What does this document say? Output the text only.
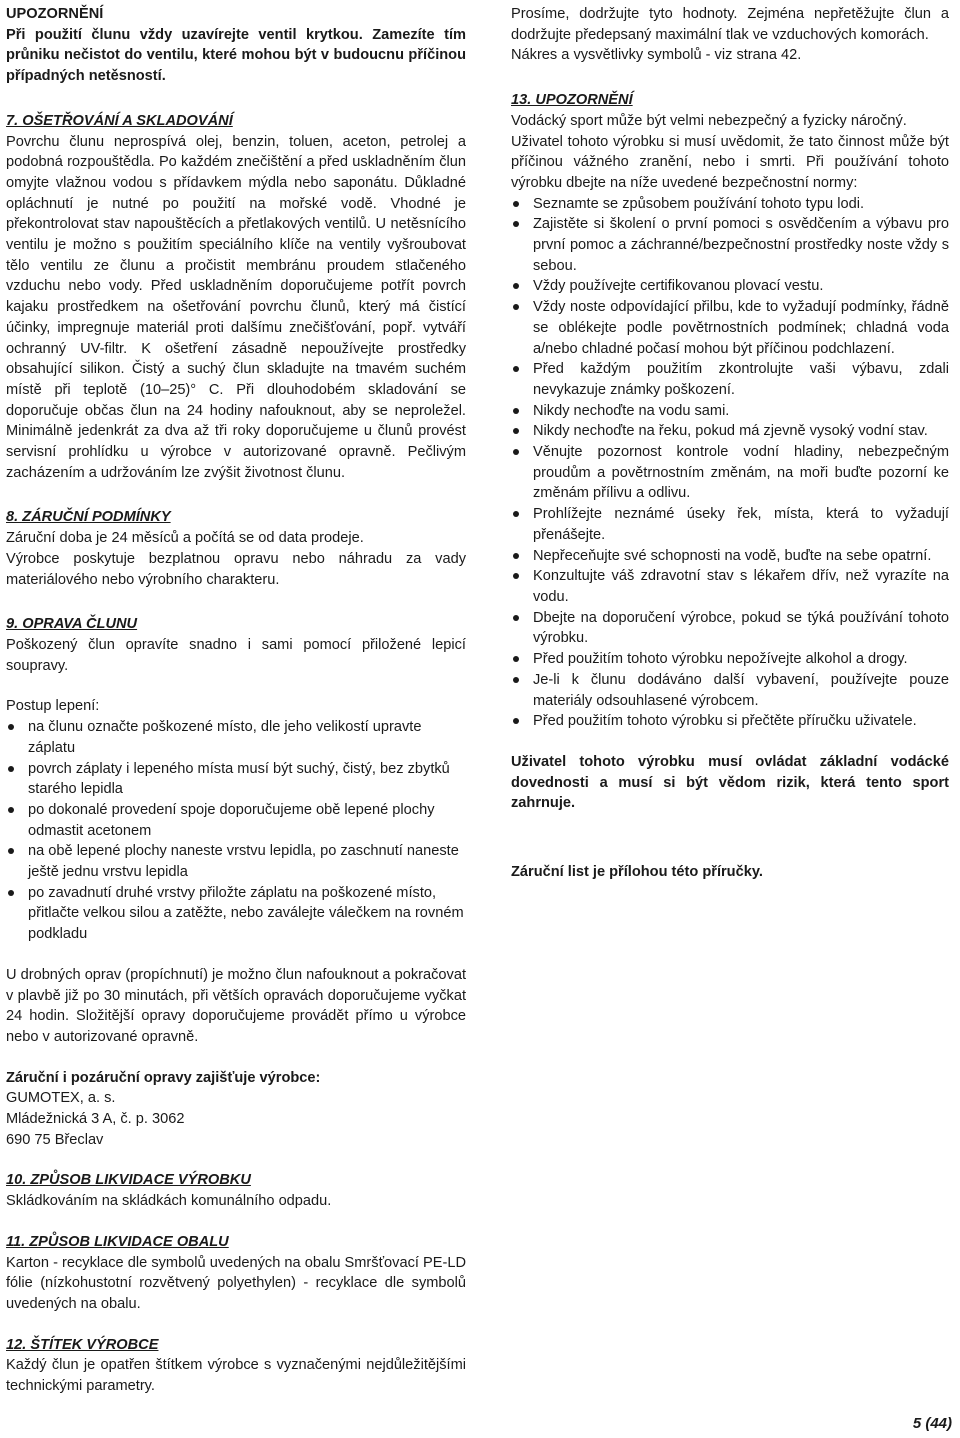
UPOZORNĚNÍ

Při použití člunu vždy uzavírejte ventil krytkou. Zamezíte tím průniku nečistot do ventilu, které mohou být v budoucnu příčinou případných netěsností.

7. OŠETŘOVÁNÍ A SKLADOVÁNÍ

Povrchu člunu neprospívá olej, benzin, toluen, aceton, petrolej a podobná rozpouštědla. Po každém znečištění a před uskladněním člun omyjte vlažnou vodou s přídavkem mýdla nebo saponátu. Důkladné opláchnutí je nutné po použití na mořské vodě. Vhodné je překontrolovat stav napouštěcích a přetlakových ventilů. U netěsnícího ventilu je možno s použitím speciálního klíče na ventily vyšroubovat tělo ventilu ze člunu a pročistit membránu proudem stlačeného vzduchu nebo vody. Před uskladněním doporučujeme potřít povrch kajaku prostředkem na ošetřování povrchu člunů, který má čistící účinky, impregnuje materiál proti dalšímu znečišťování, popř. vytváří ochranný UV-filtr. K ošetření zásadně nepoužívejte prostředky obsahující silikon. Čistý a suchý člun skladujte na tmavém suchém místě při teplotě (10–25)° C. Při dlouhodobém skladování se doporučuje občas člun na 24 hodiny nafouknout, aby se neproležel. Minimálně jedenkrát za dva až tři roky doporučujeme u člunů provést servisní prohlídku u výrobce v autorizované opravně. Pečlivým zacházením a udržováním lze zvýšit životnost člunu.

8. ZÁRUČNÍ PODMÍNKY

Záruční doba je 24 měsíců a počítá se od data prodeje.

Výrobce poskytuje bezplatnou opravu nebo náhradu za vady materiálového nebo výrobního charakteru.

9. OPRAVA ČLUNU

Poškozený člun opravíte snadno i sami pomocí přiložené lepicí soupravy.

Postup lepení:

na člunu označte poškozené místo, dle jeho velikostí upravte záplatu
povrch záplaty i lepeného místa musí být suchý, čistý, bez zbytků starého lepidla
po dokonalé provedení spoje doporučujeme obě lepené plochy odmastit acetonem
na obě lepené plochy naneste vrstvu lepidla, po zaschnutí naneste ještě jednu vrstvu lepidla
po zavadnutí druhé vrstvy přiložte záplatu na poškozené místo, přitlačte velkou silou a zatěžte, nebo zaválejte válečkem na rovném podkladu

U drobných oprav (propíchnutí) je možno člun nafouknout a pokračovat v plavbě již po 30 minutách, při větších opravách doporučujeme vyčkat 24 hodin. Složitější opravy doporučujeme provádět přímo u výrobce nebo v autorizované opravně.

Záruční i pozáruční opravy zajišťuje výrobce:

GUMOTEX, a. s.

Mládežnická 3 A, č. p. 3062

690 75 Břeclav

10. ZPŮSOB LIKVIDACE VÝROBKU

Skládkováním na skládkách komunálního odpadu.

11. ZPŮSOB LIKVIDACE OBALU

Karton - recyklace dle symbolů uvedených na obalu Smršťovací PE-LD fólie (nízkohustotní rozvětvený polyethylen) - recyklace dle symbolů uvedených na obalu.

12. ŠTÍTEK VÝROBCE

Každý člun je opatřen štítkem výrobce s vyznačenými nejdůležitějšími technickými parametry.

Prosíme, dodržujte tyto hodnoty. Zejména nepřetěžujte člun a dodržujte předepsaný maximální tlak ve vzduchových komorách.

Nákres a vysvětlivky symbolů - viz strana 42.

13. UPOZORNĚNÍ

Vodácký sport může být velmi nebezpečný a fyzicky náročný.

Uživatel tohoto výrobku si musí uvědomit, že tato činnost může být příčinou vážného zranění, nebo i smrti. Při používání tohoto výrobku dbejte na níže uvedené bezpečnostní normy:

Seznamte se způsobem používání tohoto typu lodi.
Zajistěte si školení o první pomoci s osvědčením a výbavu pro první pomoc a záchranné/bezpečnostní prostředky noste vždy s sebou.
Vždy používejte certifikovanou plovací vestu.
Vždy noste odpovídající přilbu, kde to vyžadují podmínky, řádně se oblékejte podle povětrnostních podmínek; chladná voda a/nebo chladné počasí mohou být příčinou podchlazení.
Před každým použitím zkontrolujte vaši výbavu, zdali nevykazuje známky poškození.
Nikdy nechoďte na vodu sami.
Nikdy nechoďte na řeku, pokud má zjevně vysoký vodní stav.
Věnujte pozornost kontrole vodní hladiny, nebezpečným proudům a povětrnostním změnám, na moři buďte pozorní ke změnám přílivu a odlivu.
Prohlížejte neznámé úseky řek, místa, která to vyžadují přenášejte.
Nepřeceňujte své schopnosti na vodě, buďte na sebe opatrní.
Konzultujte váš zdravotní stav s lékařem dřív, než vyrazíte na vodu.
Dbejte na doporučení výrobce, pokud se týká používání tohoto výrobku.
Před použitím tohoto výrobku nepožívejte alkohol a drogy.
Je-li k člunu dodáváno další vybavení, používejte pouze materiály odsouhlasené výrobcem.
Před použitím tohoto výrobku si přečtěte příručku uživatele.

Uživatel tohoto výrobku musí ovládat základní vodácké dovednosti a musí si být vědom rizik, která tento sport zahrnuje.

Záruční list je přílohou této příručky.

5 (44)
